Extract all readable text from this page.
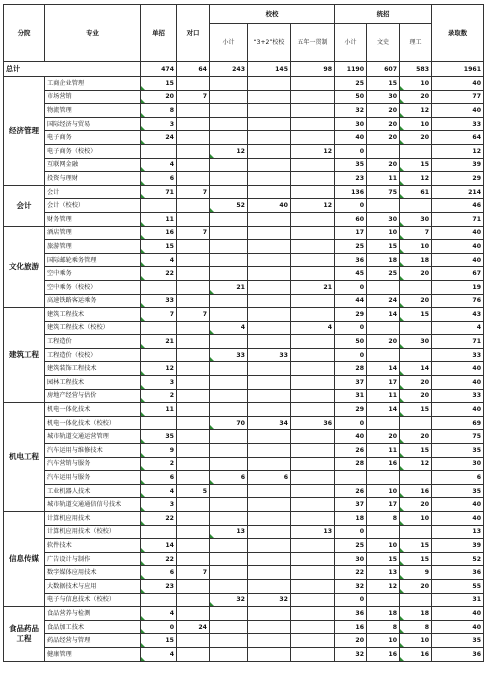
分院	专业	单招	对口	校校			统招			录取数
				小计	“3+2”校校	五年一贯制	小计	文史	理工	
总计		474	64	243	145	98	1190	607	583	1961
经济管理	工商企业管理	15					25	15	10	40
	市场营销	20	7				50	30	20	77
	物流管理	8					32	20	12	40
	国际经济与贸易	3					30	20	10	33
	电子商务	24					40	20	20	64
	电子商务（校校）			12		12	0			12
	互联网金融	4					35	20	15	39
	投资与理财	6					23	11	12	29
会计	会计	71	7				136	75	61	214
	会计（校校）			52	40	12	0			46
	财务管理	11					60	30	30	71
文化旅游	酒店管理	16	7				17	10	7	40
	旅游管理	15					25	15	10	40
	国际邮轮乘务管理	4					36	18	18	40
	空中乘务	22					45	25	20	67
	空中乘务（校校）			21		21	0			19
	高速铁路客运乘务	33					44	24	20	76
建筑工程	建筑工程技术	7	7				29	14	15	43
	建筑工程技术（校校）			4		4	0			4
	工程造价	21					50	20	30	71
	工程造价（校校）			33	33		0			33
	建筑装饰工程技术	12					28	14	14	40
	园林工程技术	3					37	17	20	40
	房地产经营与估价	2					31	11	20	33
机电工程	机电一体化技术	11					29	14	15	40
	机电一体化技术（校校）			70	34	36	0			69
	城市轨道交通运营管理	35					40	20	20	75
	汽车运用与维修技术	9					26	11	15	35
	汽车营销与服务	2					28	16	12	30
	汽车运用与服务	6		6	6					6
	工业机器人技术	4	5				26	10	16	35
	城市轨道交通通信信号技术	3					37	17	20	40
信息传媒	计算机应用技术	22					18	8	10	40
	计算机应用技术（校校）			13		13	0			13
	软件技术	14					25	10	15	39
	广告设计与制作	22					30	15	15	52
	数字媒体应用技术	6	7				22	13	9	36
	大数据技术与应用	23					32	12	20	55
	电子与信息技术（校校）			32	32		0			31
食品药品工程	食品营养与检测	4					36	18	18	40
	食品加工技术	0	24				16	8	8	40
	药品经营与管理	15					20	10	10	35
	健康管理	4					32	16	16	36
